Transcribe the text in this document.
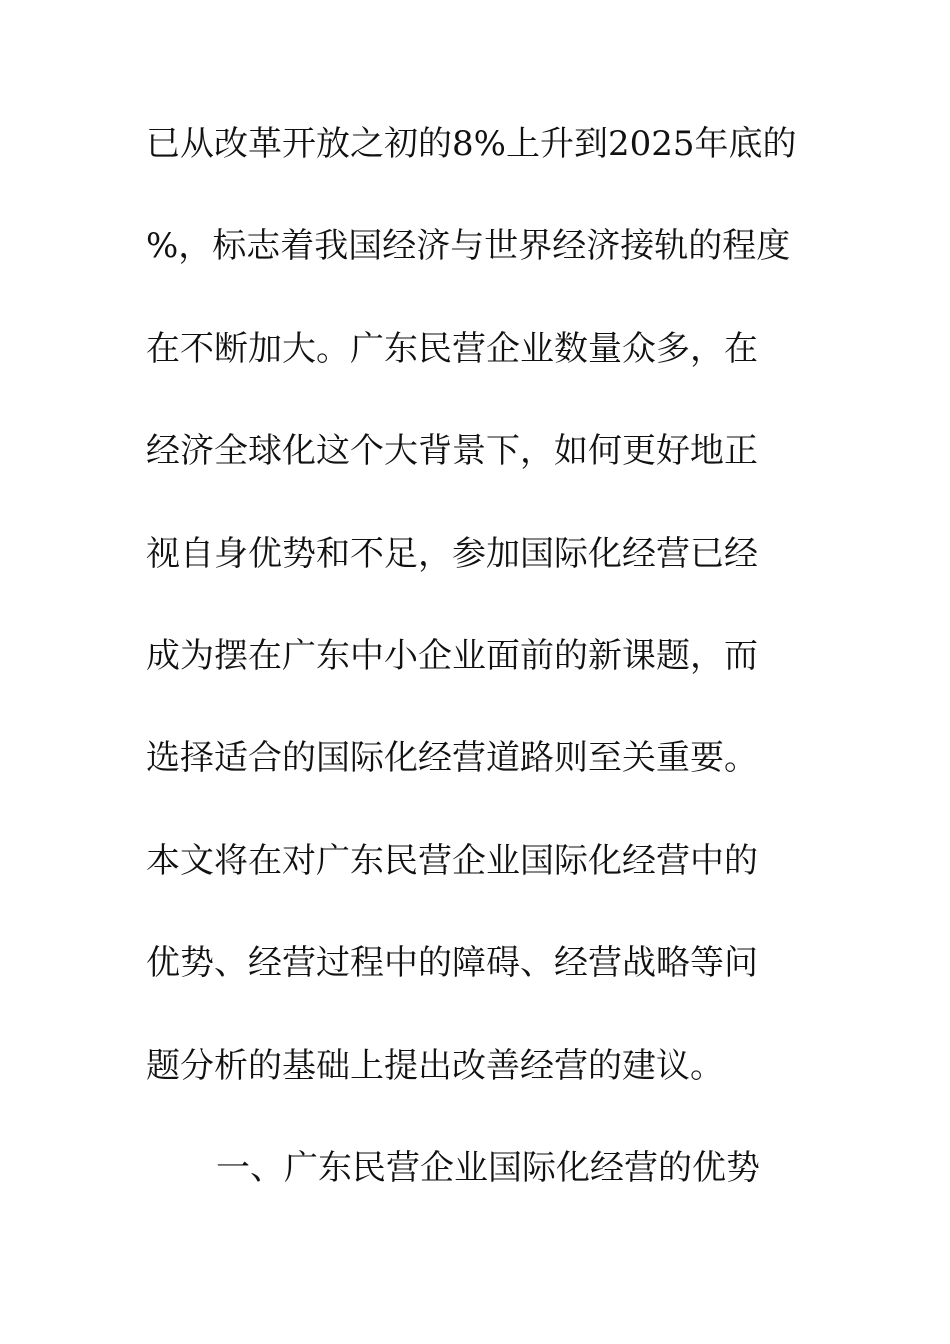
已从改革开放之初的8%上升到2025年底的
%，标志着我国经济与世界经济接轨的程度
在不断加大。广东民营企业数量众多，在
经济全球化这个大背景下，如何更好地正
视自身优势和不足，参加国际化经营已经
成为摆在广东中小企业面前的新课题，而
选择适合的国际化经营道路则至关重要。
本文将在对广东民营企业国际化经营中的
优势、经营过程中的障碍、经营战略等问
题分析的基础上提出改善经营的建议。
一、广东民营企业国际化经营的优势
